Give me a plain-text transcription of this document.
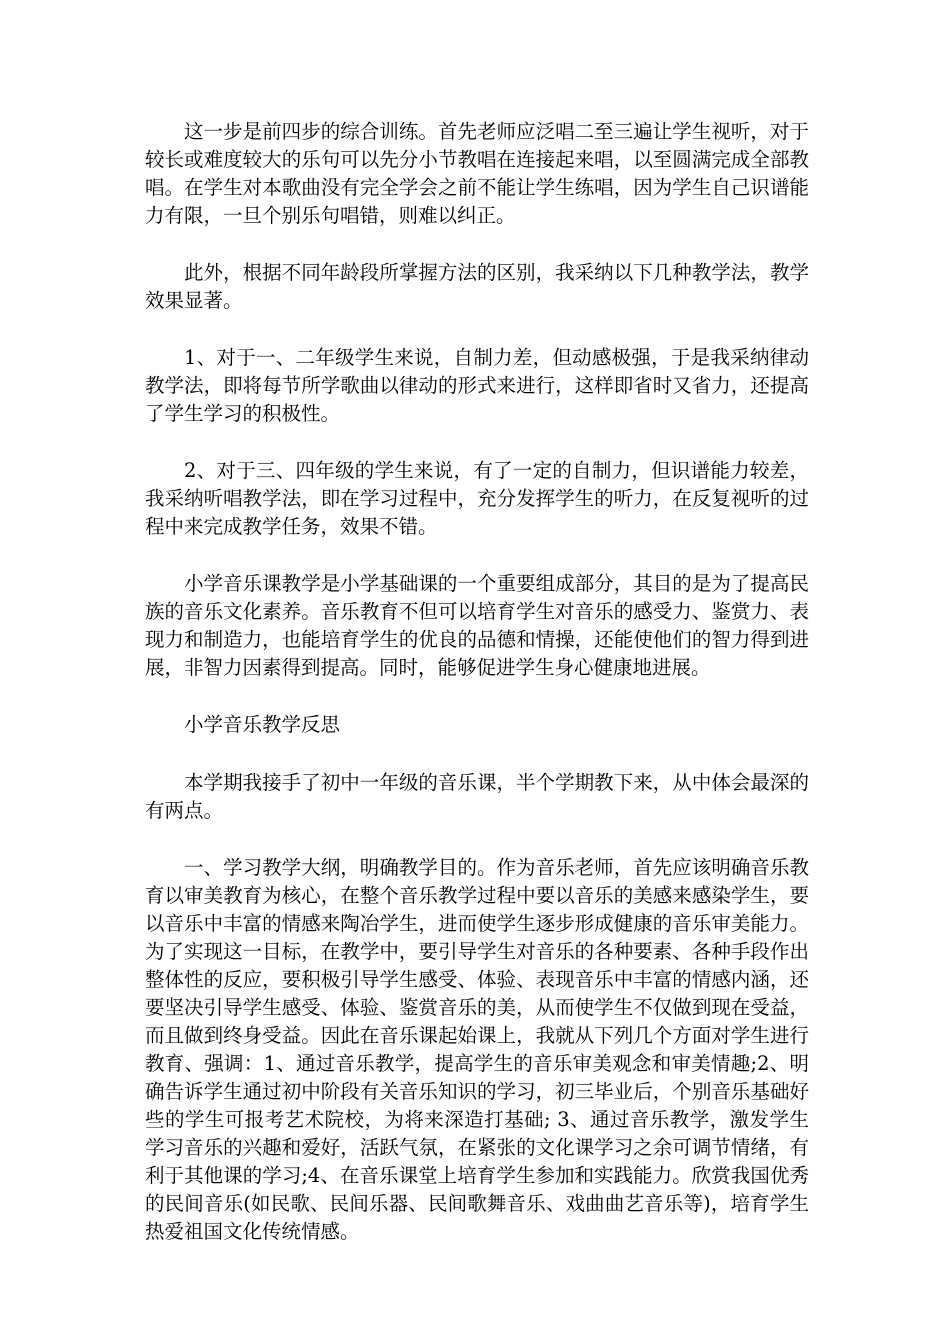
这一步是前四步的综合训练。首先老师应泛唱二至三遍让学生视听，对于较长或难度较大的乐句可以先分小节教唱在连接起来唱，以至圆满完成全部教唱。在学生对本歌曲没有完全学会之前不能让学生练唱，因为学生自己识谱能力有限，一旦个别乐句唱错，则难以纠正。

此外，根据不同年龄段所掌握方法的区别，我采纳以下几种教学法，教学效果显著。

1、对于一、二年级学生来说，自制力差，但动感极强，于是我采纳律动教学法，即将每节所学歌曲以律动的形式来进行，这样即省时又省力，还提高了学生学习的积极性。

2、对于三、四年级的学生来说，有了一定的自制力，但识谱能力较差，我采纳听唱教学法，即在学习过程中，充分发挥学生的听力，在反复视听的过程中来完成教学任务，效果不错。

小学音乐课教学是小学基础课的一个重要组成部分，其目的是为了提高民族的音乐文化素养。音乐教育不但可以培育学生对音乐的感受力、鉴赏力、表现力和制造力，也能培育学生的优良的品德和情操，还能使他们的智力得到进展，非智力因素得到提高。同时，能够促进学生身心健康地进展。

小学音乐教学反思

本学期我接手了初中一年级的音乐课，半个学期教下来，从中体会最深的有两点。

一、学习教学大纲，明确教学目的。作为音乐老师，首先应该明确音乐教育以审美教育为核心，在整个音乐教学过程中要以音乐的美感来感染学生，要以音乐中丰富的情感来陶冶学生，进而使学生逐步形成健康的音乐审美能力。为了实现这一目标，在教学中，要引导学生对音乐的各种要素、各种手段作出整体性的反应，要积极引导学生感受、体验、表现音乐中丰富的情感内涵，还要坚决引导学生感受、体验、鉴赏音乐的美，从而使学生不仅做到现在受益，而且做到终身受益。因此在音乐课起始课上，我就从下列几个方面对学生进行教育、强调：1、通过音乐教学，提高学生的音乐审美观念和审美情趣;2、明确告诉学生通过初中阶段有关音乐知识的学习，初三毕业后，个别音乐基础好些的学生可报考艺术院校，为将来深造打基础; 3、通过音乐教学，激发学生学习音乐的兴趣和爱好，活跃气氛，在紧张的文化课学习之余可调节情绪，有利于其他课的学习;4、在音乐课堂上培育学生参加和实践能力。欣赏我国优秀的民间音乐(如民歌、民间乐器、民间歌舞音乐、戏曲曲艺音乐等)，培育学生热爱祖国文化传统情感。
